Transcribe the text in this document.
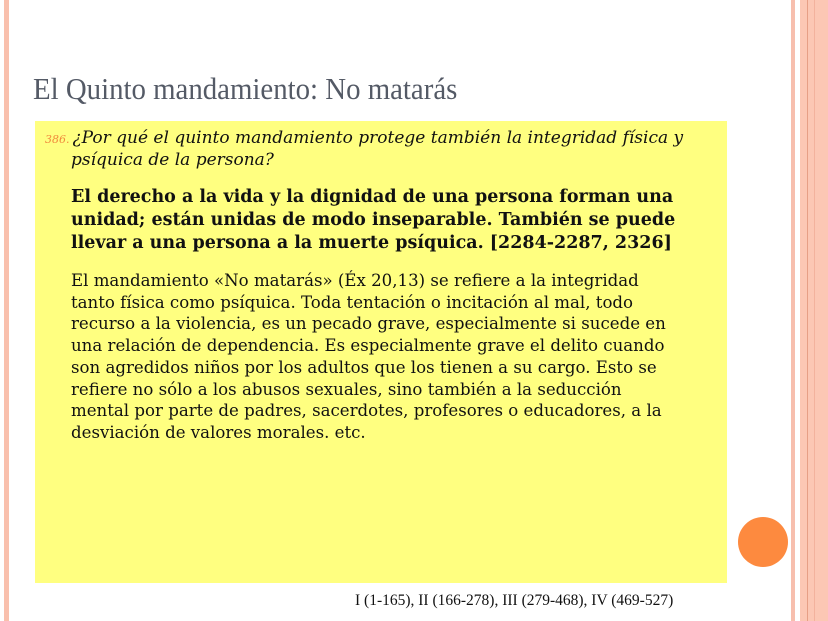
El Quinto mandamiento: No matarás
386. ¿Por qué el quinto mandamiento protege también la integridad física y
psíquica de la persona?
El derecho a la vida y la dignidad de una persona forman una
unidad; están unidas de modo inseparable. También se puede
llevar a una persona a la muerte psíquica. [2284-2287, 2326]
El mandamiento «No matarás» (Éx 20,13) se refiere a la integridad
tanto física como psíquica. Toda tentación o incitación al mal, todo
recurso a la violencia, es un pecado grave, especialmente si sucede en
una relación de dependencia. Es especialmente grave el delito cuando
son agredidos niños por los adultos que los tienen a su cargo. Esto se
refiere no sólo a los abusos sexuales, sino también a la seducción
mental por parte de padres, sacerdotes, profesores o educadores, a la
desviación de valores morales. etc.
I (1-165), II (166-278), III (279-468), IV (469-527)
